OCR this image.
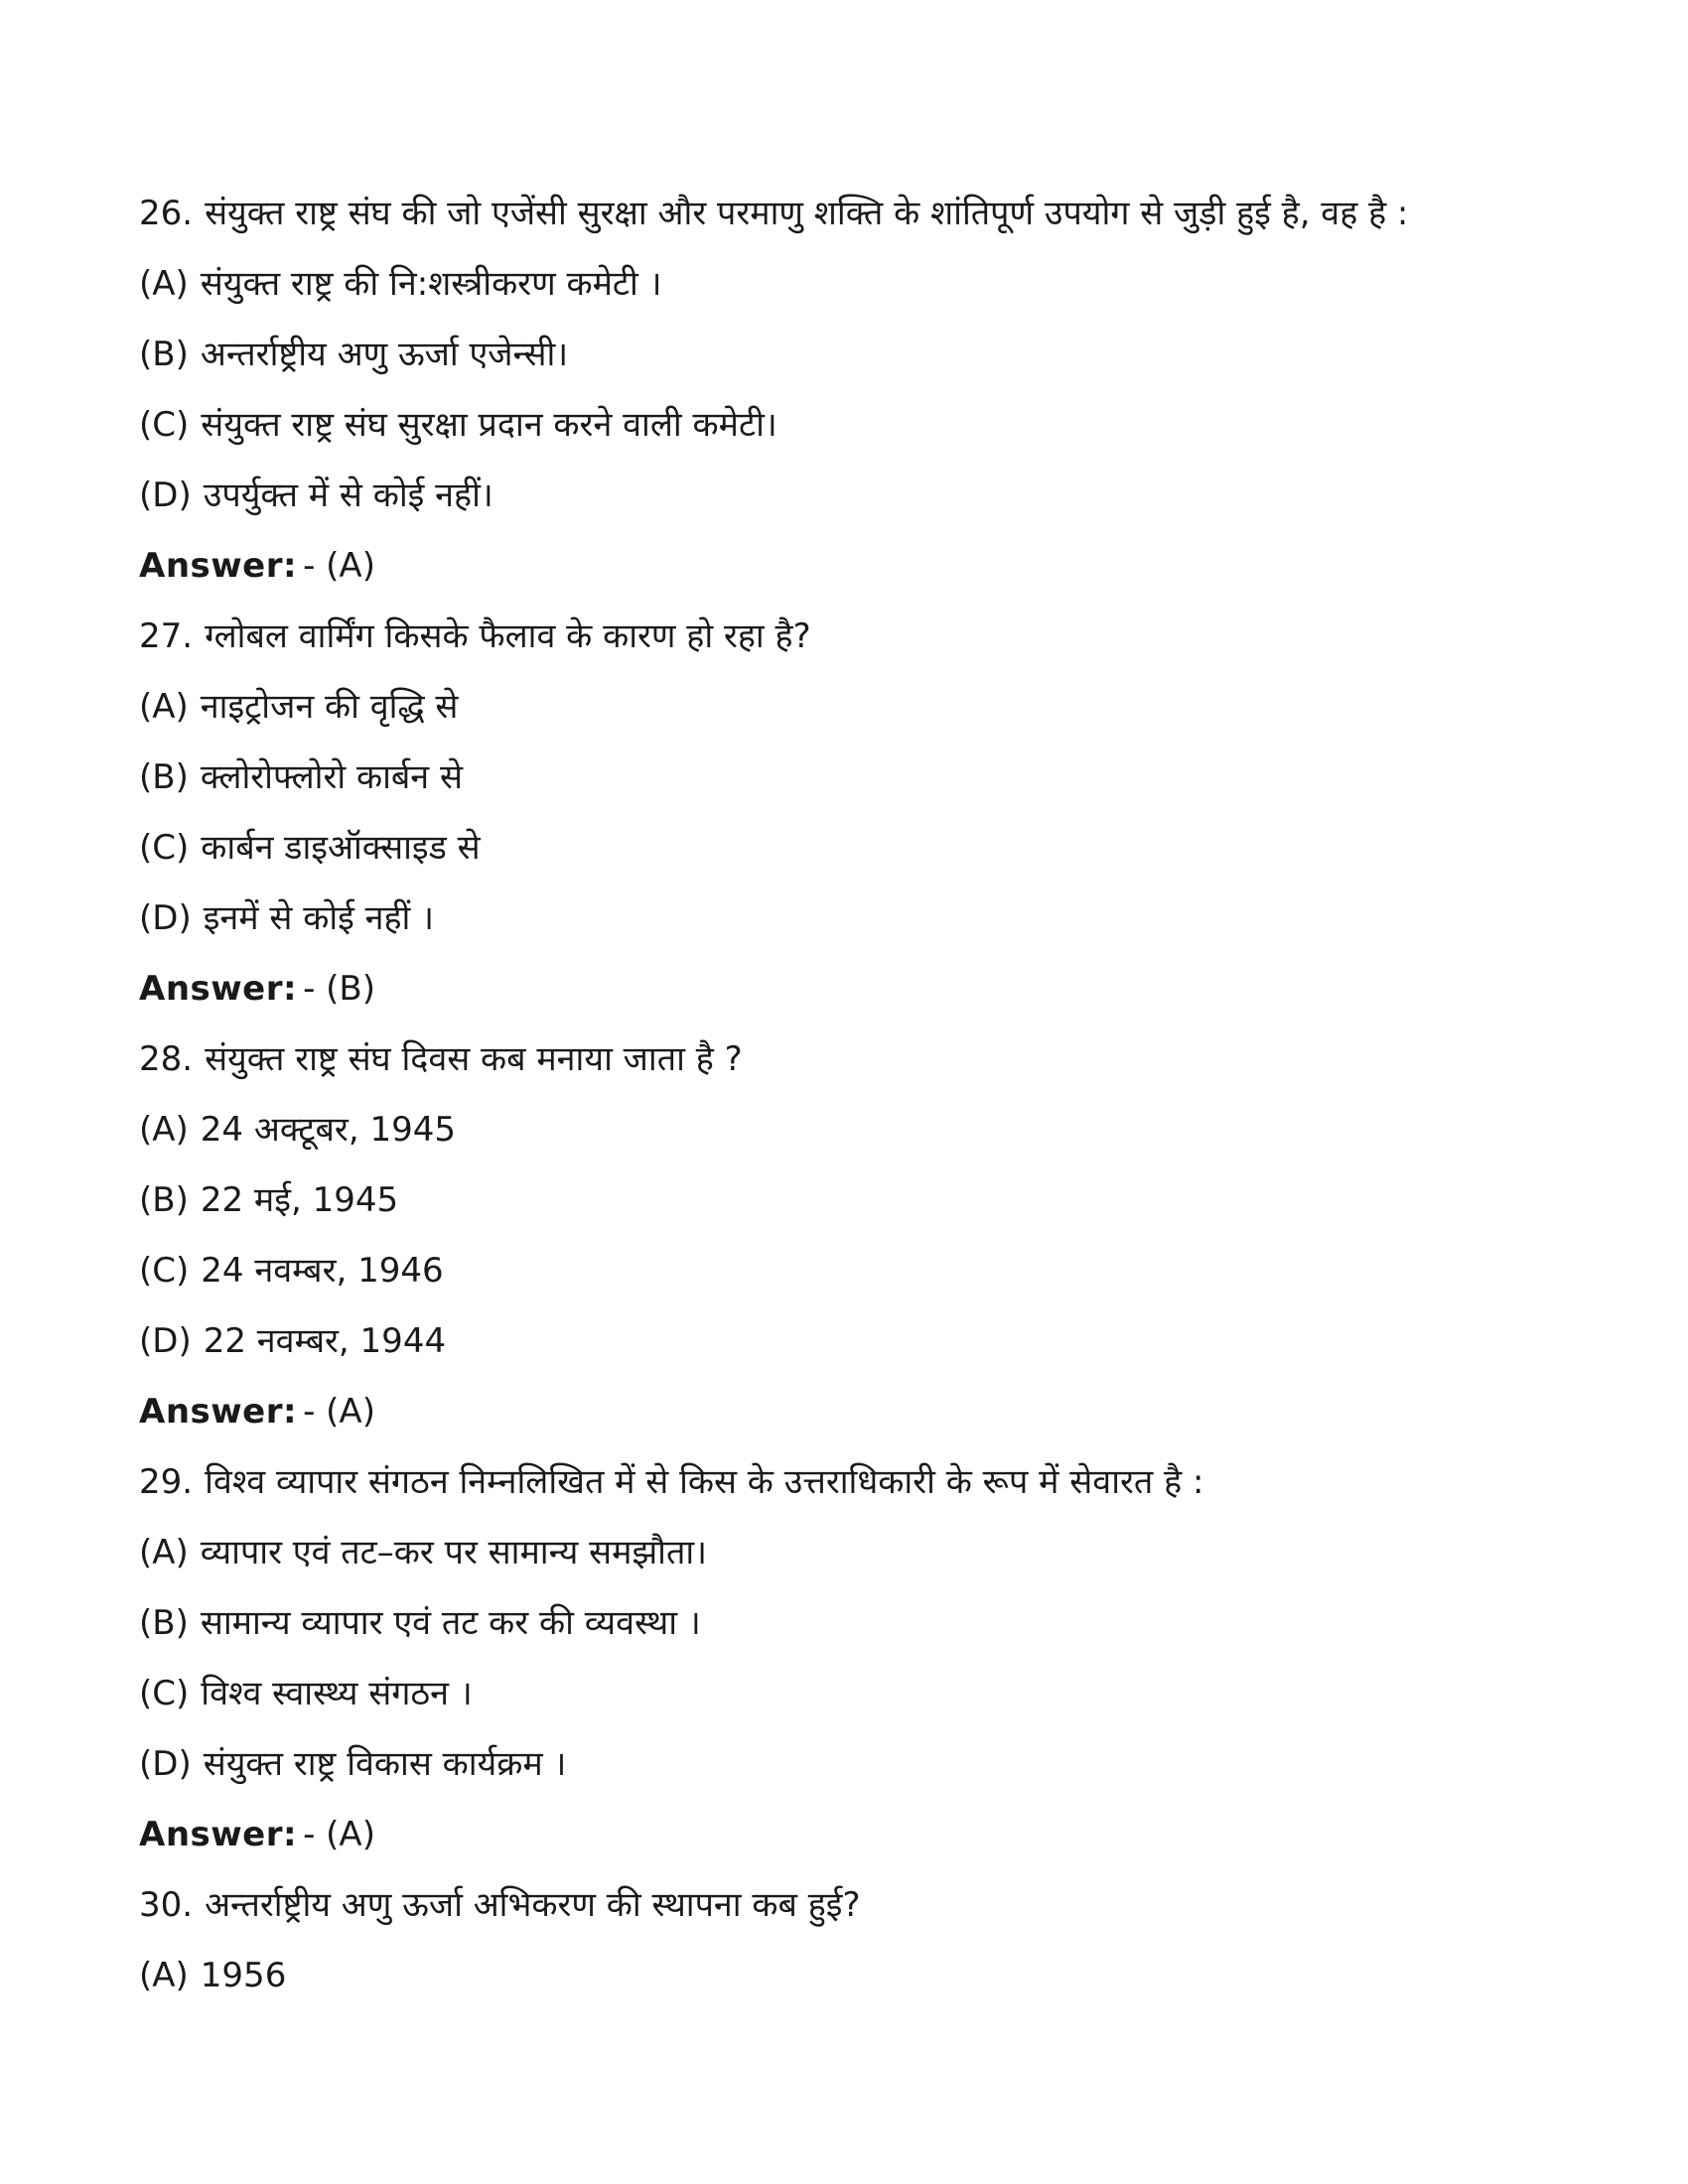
26. संयुक्त राष्ट्र संघ की जो एजेंसी सुरक्षा और परमाणु शक्ति के शांतिपूर्ण उपयोग से जुड़ी हुई है, वह है :
(A) संयुक्त राष्ट्र की नि:शस्त्रीकरण कमेटी ।
(B) अन्तर्राष्ट्रीय अणु ऊर्जा एजेन्सी।
(C) संयुक्त राष्ट्र संघ सुरक्षा प्रदान करने वाली कमेटी।
(D) उपर्युक्त में से कोई नहीं।
Answer: - (A)
27. ग्लोबल वार्मिंग किसके फैलाव के कारण हो रहा है?
(A) नाइट्रोजन की वृद्धि से
(B) क्लोरोफ्लोरो कार्बन से
(C) कार्बन डाइऑक्साइड से
(D) इनमें से कोई नहीं ।
Answer: - (B)
28. संयुक्त राष्ट्र संघ दिवस कब मनाया जाता है ?
(A) 24 अक्टूबर, 1945
(B) 22 मई, 1945
(C) 24 नवम्बर, 1946
(D) 22 नवम्बर, 1944
Answer: - (A)
29. विश्व व्यापार संगठन निम्नलिखित में से किस के उत्तराधिकारी के रूप में सेवारत है :
(A) व्यापार एवं तट–कर पर सामान्य समझौता।
(B) सामान्य व्यापार एवं तट कर की व्यवस्था ।
(C) विश्व स्वास्थ्य संगठन ।
(D) संयुक्त राष्ट्र विकास कार्यक्रम ।
Answer: - (A)
30. अन्तर्राष्ट्रीय अणु ऊर्जा अभिकरण की स्थापना कब हुई?
(A) 1956
